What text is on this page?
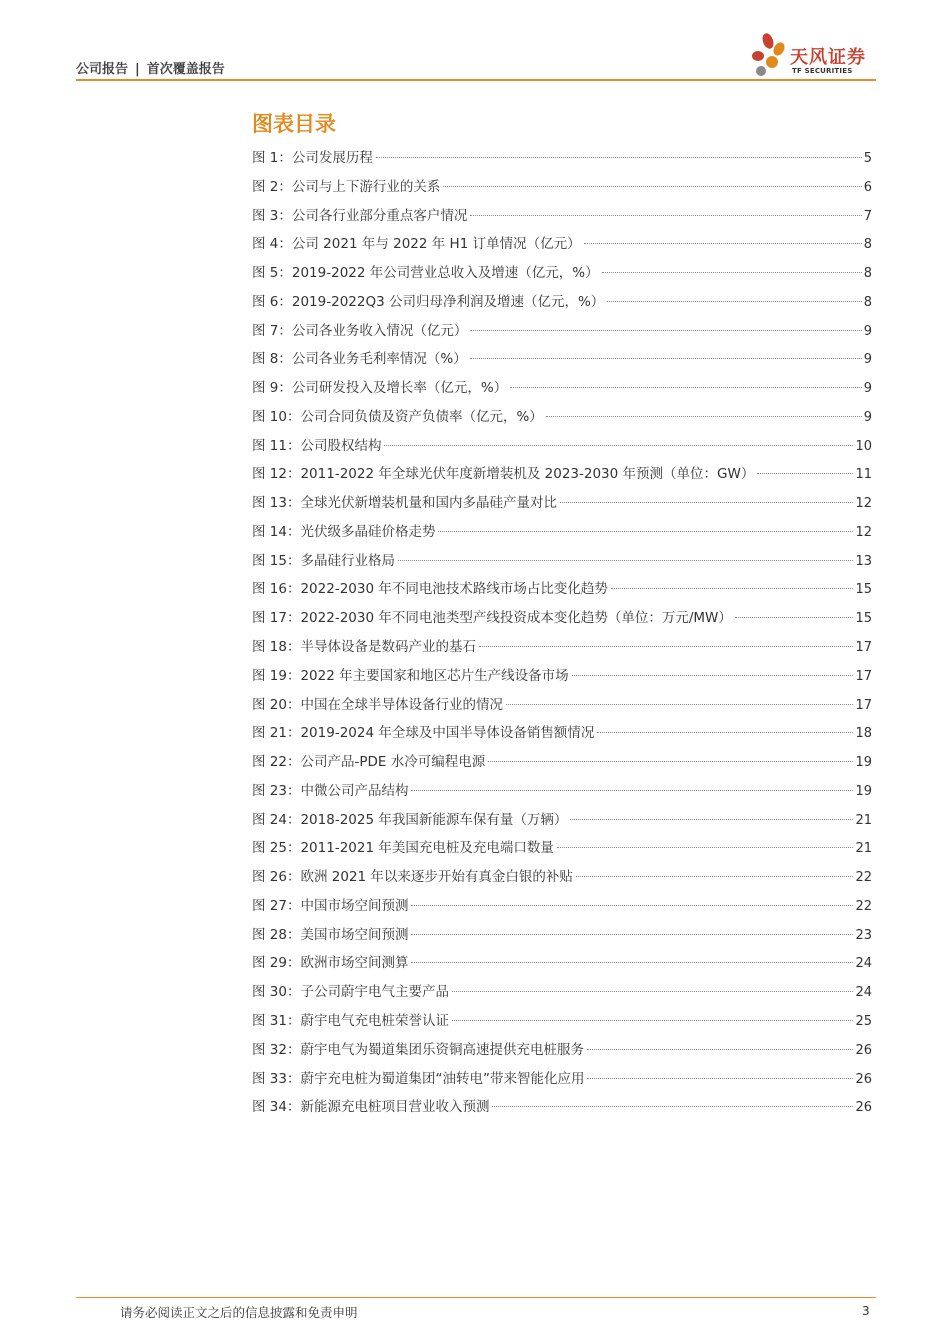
公司报告 | 首次覆盖报告
天风证券
TF SECURITIES
图表目录
图 1：公司发展历程	5
图 2：公司与上下游行业的关系	6
图 3：公司各行业部分重点客户情况	7
图 4：公司 2021 年与 2022 年 H1 订单情况（亿元）	8
图 5：2019-2022 年公司营业总收入及增速（亿元，%）	8
图 6：2019-2022Q3 公司归母净利润及增速（亿元，%）	8
图 7：公司各业务收入情况（亿元）	9
图 8：公司各业务毛利率情况（%）	9
图 9：公司研发投入及增长率（亿元，%）	9
图 10：公司合同负债及资产负债率（亿元，%）	9
图 11：公司股权结构	10
图 12：2011-2022 年全球光伏年度新增装机及 2023-2030 年预测（单位：GW）	11
图 13：全球光伏新增装机量和国内多晶硅产量对比	12
图 14：光伏级多晶硅价格走势	12
图 15：多晶硅行业格局	13
图 16：2022-2030 年不同电池技术路线市场占比变化趋势	15
图 17：2022-2030 年不同电池类型产线投资成本变化趋势（单位：万元/MW）	15
图 18：半导体设备是数码产业的基石	17
图 19：2022 年主要国家和地区芯片生产线设备市场	17
图 20：中国在全球半导体设备行业的情况	17
图 21：2019-2024 年全球及中国半导体设备销售额情况	18
图 22：公司产品-PDE 水冷可编程电源	19
图 23：中微公司产品结构	19
图 24：2018-2025 年我国新能源车保有量（万辆）	21
图 25：2011-2021 年美国充电桩及充电端口数量	21
图 26：欧洲 2021 年以来逐步开始有真金白银的补贴	22
图 27：中国市场空间预测	22
图 28：美国市场空间预测	23
图 29：欧洲市场空间测算	24
图 30：子公司蔚宇电气主要产品	24
图 31：蔚宇电气充电桩荣誉认证	25
图 32：蔚宇电气为蜀道集团乐资铜高速提供充电桩服务	26
图 33：蔚宇充电桩为蜀道集团“油转电”带来智能化应用	26
图 34：新能源充电桩项目营业收入预测	26
请务必阅读正文之后的信息披露和免责申明	3
